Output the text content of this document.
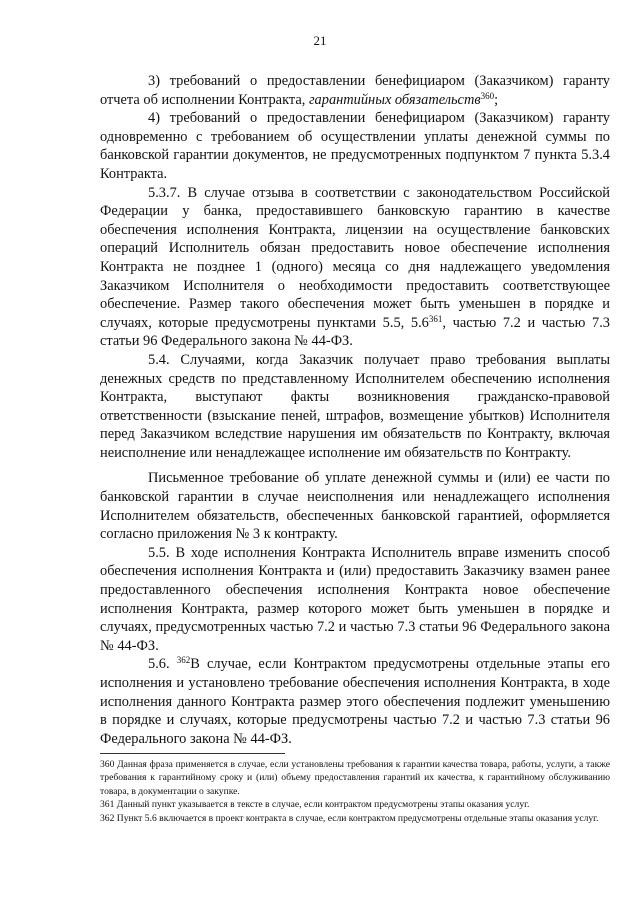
21

3) требований о предоставлении бенефициаром (Заказчиком) гаранту отчета об исполнении Контракта, гарантийных обязательств$^{360}$;

4) требований о предоставлении бенефициаром (Заказчиком) гаранту одновременно с требованием об осуществлении уплаты денежной суммы по банковской гарантии документов, не предусмотренных подпунктом 7 пункта 5.3.4 Контракта.

5.3.7. В случае отзыва в соответствии с законодательством Российской Федерации у банка, предоставившего банковскую гарантию в качестве обеспечения исполнения Контракта, лицензии на осуществление банковских операций Исполнитель обязан предоставить новое обеспечение исполнения Контракта не позднее 1 (одного) месяца со дня надлежащего уведомления Заказчиком Исполнителя о необходимости предоставить соответствующее обеспечение. Размер такого обеспечения может быть уменьшен в порядке и случаях, которые предусмотрены пунктами 5.5, $5.6^{361}$, частью 7.2 и частью 7.3 статьи 96 Федерального закона № 44-ФЗ.

5.4. Случаями, когда Заказчик получает право требования выплаты денежных средств по представленному Исполнителем обеспечению исполнения Контракта, выступают факты возникновения гражданско-правовой ответственности (взыскание пеней, штрафов, возмещение убытков) Исполнителя перед Заказчиком вследствие нарушения им обязательств по Контракту, включая неисполнение или ненадлежащее исполнение им обязательств по Контракту.

Письменное требование об уплате денежной суммы и (или) ее части по банковской гарантии в случае неисполнения или ненадлежащего исполнения Исполнителем обязательств, обеспеченных банковской гарантией, оформляется согласно приложения № 3 к контракту.

5.5. В ходе исполнения Контракта Исполнитель вправе изменить способ обеспечения исполнения Контракта и (или) предоставить Заказчику взамен ранее предоставленного обеспечения исполнения Контракта новое обеспечение исполнения Контракта, размер которого может быть уменьшен в порядке и случаях, предусмотренных частью 7.2 и частью 7.3 статьи 96 Федерального закона № 44-ФЗ.

5.6. $^{362}$В случае, если Контрактом предусмотрены отдельные этапы его исполнения и установлено требование обеспечения исполнения Контракта, в ходе исполнения данного Контракта размер этого обеспечения подлежит уменьшению в порядке и случаях, которые предусмотрены частью 7.2 и частью 7.3 статьи 96 Федерального закона № 44-ФЗ.

360 Данная фраза применяется в случае, если установлены требования к гарантии качества товара, работы, услуги, а также требования к гарантийному сроку и (или) объему предоставления гарантий их качества, к гарантийному обслуживанию товара, в документации о закупке.

361 Данный пункт указывается в тексте в случае, если контрактом предусмотрены этапы оказания услуг.

362 Пункт 5.6 включается в проект контракта в случае, если контрактом предусмотрены отдельные этапы оказания услуг.
